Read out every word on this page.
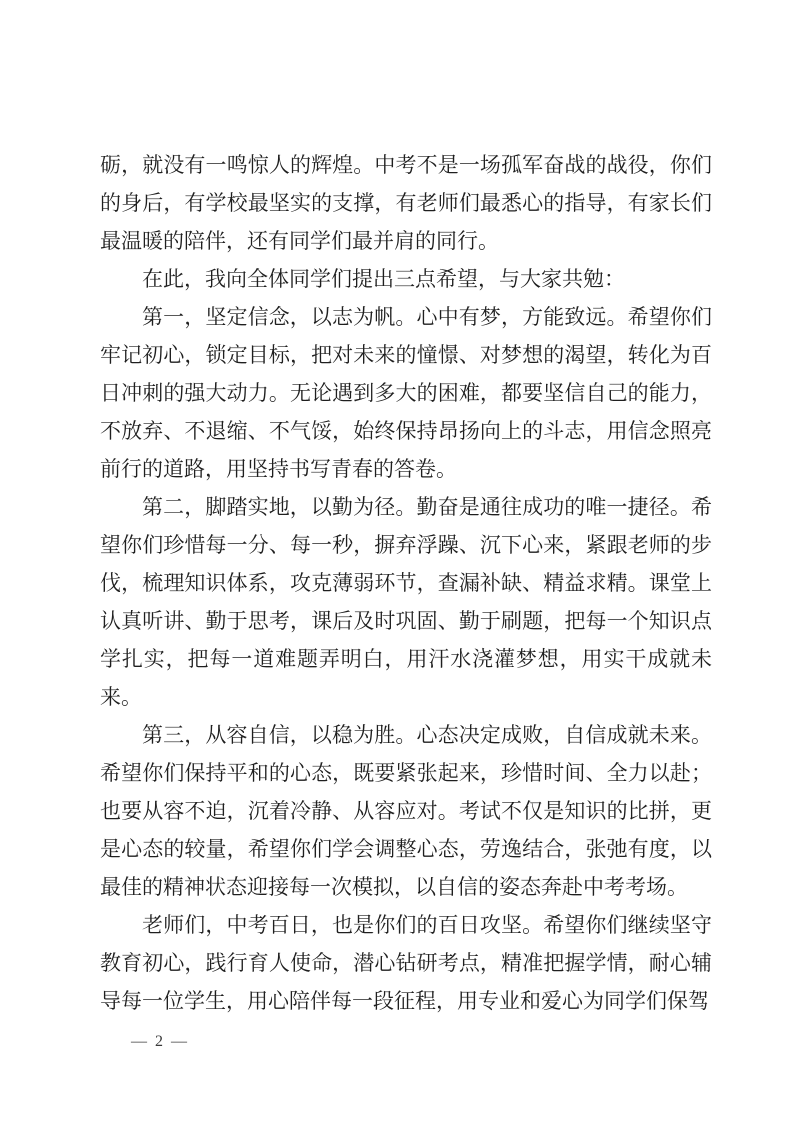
砺，就没有一鸣惊人的辉煌。中考不是一场孤军奋战的战役，你们的身后，有学校最坚实的支撑，有老师们最悉心的指导，有家长们最温暖的陪伴，还有同学们最并肩的同行。

在此，我向全体同学们提出三点希望，与大家共勉：

第一，坚定信念，以志为帆。心中有梦，方能致远。希望你们牢记初心，锁定目标，把对未来的憧憬、对梦想的渴望，转化为百日冲刺的强大动力。无论遇到多大的困难，都要坚信自己的能力，不放弃、不退缩、不气馁，始终保持昂扬向上的斗志，用信念照亮前行的道路，用坚持书写青春的答卷。

第二，脚踏实地，以勤为径。勤奋是通往成功的唯一捷径。希望你们珍惜每一分、每一秒，摒弃浮躁、沉下心来，紧跟老师的步伐，梳理知识体系，攻克薄弱环节，查漏补缺、精益求精。课堂上认真听讲、勤于思考，课后及时巩固、勤于刷题，把每一个知识点学扎实，把每一道难题弄明白，用汗水浇灌梦想，用实干成就未来。

第三，从容自信，以稳为胜。心态决定成败，自信成就未来。希望你们保持平和的心态，既要紧张起来，珍惜时间、全力以赴；也要从容不迫，沉着冷静、从容应对。考试不仅是知识的比拼，更是心态的较量，希望你们学会调整心态，劳逸结合，张弛有度，以最佳的精神状态迎接每一次模拟，以自信的姿态奔赴中考考场。

老师们，中考百日，也是你们的百日攻坚。希望你们继续坚守教育初心，践行育人使命，潜心钻研考点，精准把握学情，耐心辅导每一位学生，用心陪伴每一段征程，用专业和爱心为同学们保驾

— 2 —
